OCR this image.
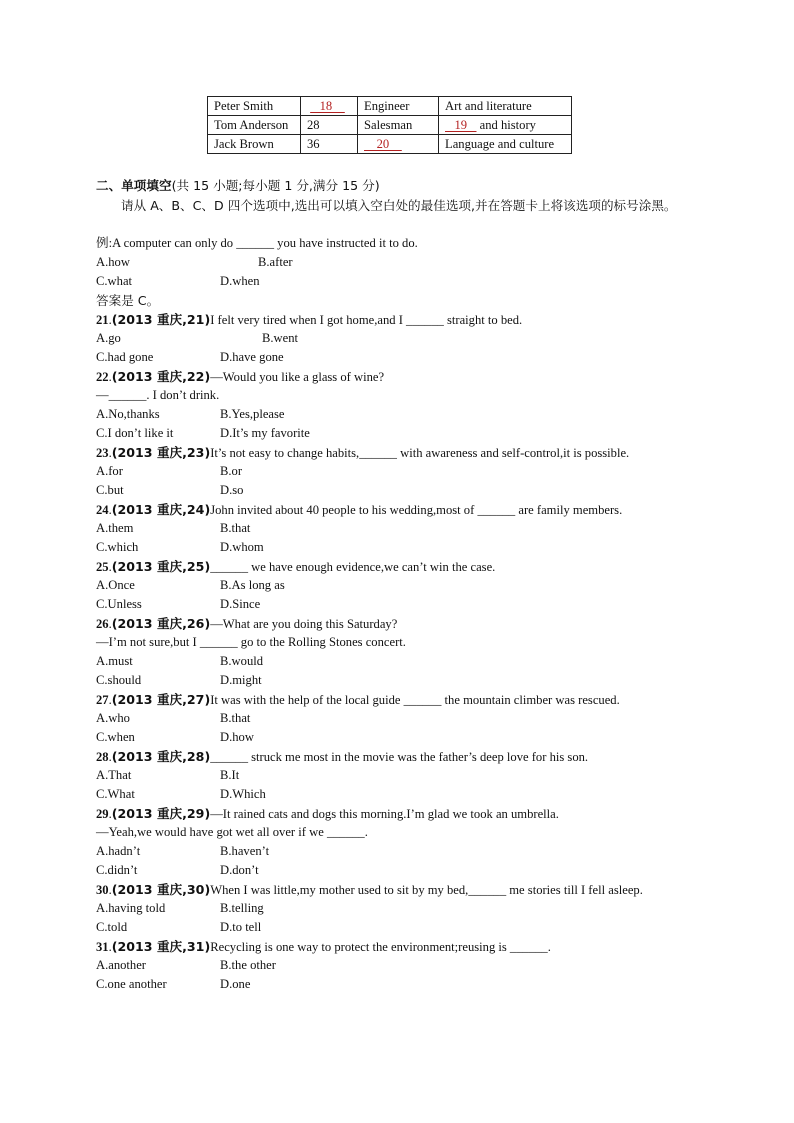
Peter Smith	18	Engineer	Art and literature
Tom Anderson	28	Salesman	19    and history
Jack Brown	36	20	Language and culture
二、单项填空(共 15 小题;每小题 1 分,满分 15 分)
请从 A、B、C、D 四个选项中,选出可以填入空白处的最佳选项,并在答题卡上将该选项的标号涂黑。
例:A computer can only do ______ you have instructed it to do.
A.how	B.after
C.what	D.when
答案是 C。
21.(2013 重庆,21)I felt very tired when I got home,and I ______ straight to bed.
A.go	B.went
C.had gone	D.have gone
22.(2013 重庆,22)—Would you like a glass of wine?
—______. I don’t drink.
A.No,thanks	B.Yes,please
C.I don’t like it	D.It’s my favorite
23.(2013 重庆,23)It’s not easy to change habits,______ with awareness and self-control,it is possible.
A.for	B.or
C.but	D.so
24.(2013 重庆,24)John invited about 40 people to his wedding,most of ______ are family members.
A.them	B.that
C.which	D.whom
25.(2013 重庆,25)______ we have enough evidence,we can’t win the case.
A.Once	B.As long as
C.Unless	D.Since
26.(2013 重庆,26)—What are you doing this Saturday?
—I’m not sure,but I ______ go to the Rolling Stones concert.
A.must	B.would
C.should	D.might
27.(2013 重庆,27)It was with the help of the local guide ______ the mountain climber was rescued.
A.who	B.that
C.when	D.how
28.(2013 重庆,28)______ struck me most in the movie was the father’s deep love for his son.
A.That	B.It
C.What	D.Which
29.(2013 重庆,29)—It rained cats and dogs this morning.I’m glad we took an umbrella.
—Yeah,we would have got wet all over if we ______.
A.hadn’t	B.haven’t
C.didn’t	D.don’t
30.(2013 重庆,30)When I was little,my mother used to sit by my bed,______ me stories till I fell asleep.
A.having told	B.telling
C.told	D.to tell
31.(2013 重庆,31)Recycling is one way to protect the environment;reusing is ______.
A.another	B.the other
C.one another	D.one
